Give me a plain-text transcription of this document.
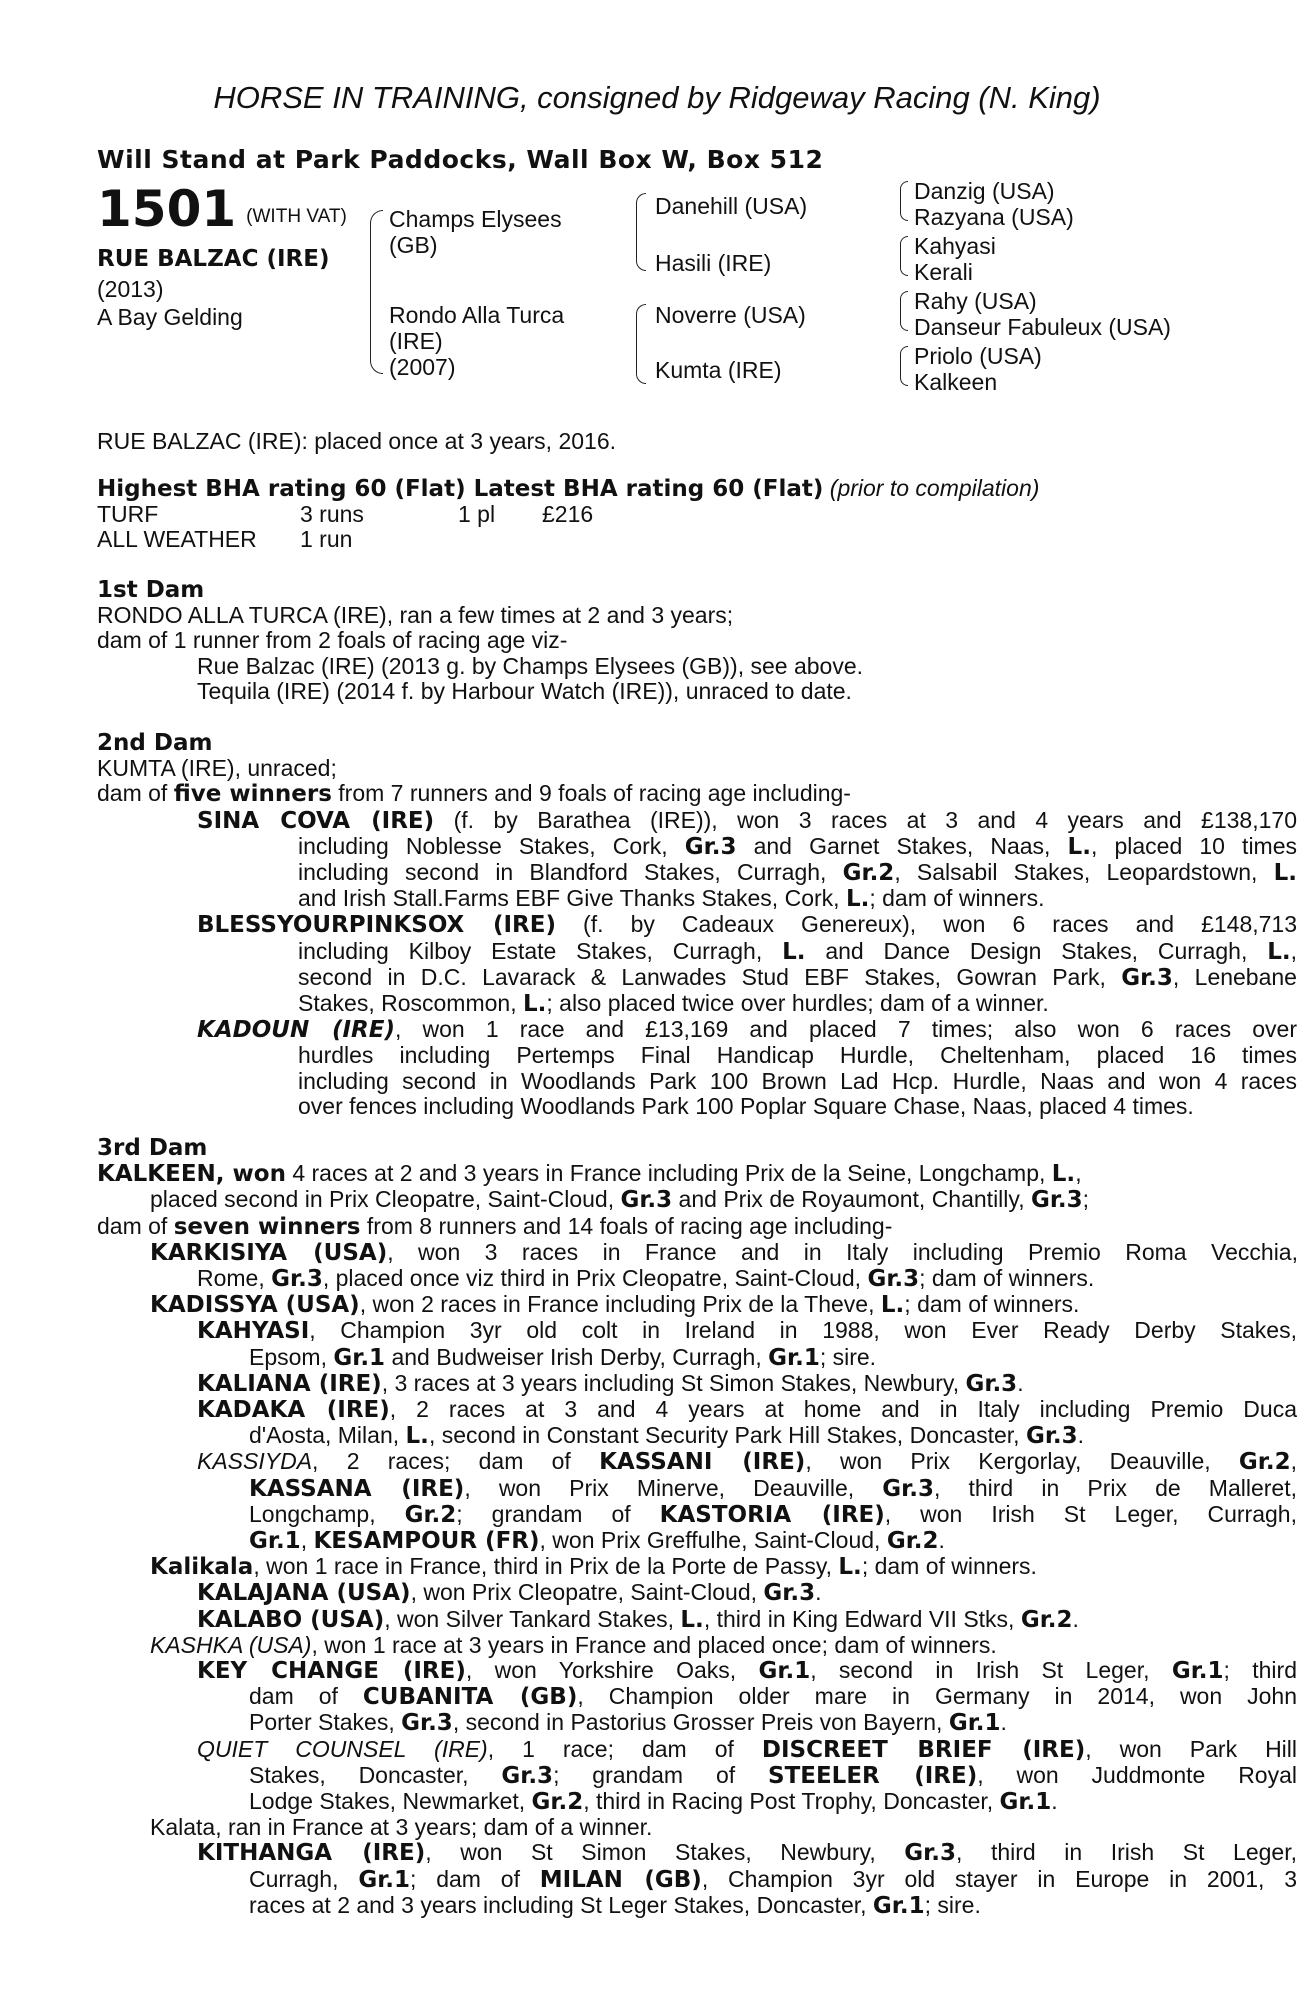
HORSE IN TRAINING, consigned by Ridgeway Racing (N. King)
Will Stand at Park Paddocks, Wall Box W, Box 512
1501 (WITH VAT)
RUE BALZAC (IRE)
(2013)
A Bay Gelding
Champs Elysees
(GB)
Rondo Alla Turca
(IRE)
(2007)
Danehill (USA)
Hasili (IRE)
Noverre (USA)
Kumta (IRE)
Danzig (USA)
Razyana (USA)
Kahyasi
Kerali
Rahy (USA)
Danseur Fabuleux (USA)
Priolo (USA)
Kalkeen
RUE BALZAC (IRE): placed once at 3 years, 2016.
Highest BHA rating 60 (Flat) Latest BHA rating 60 (Flat) (prior to compilation)
TURF	3 runs	1 pl £216
ALL WEATHER 1 run
1st Dam
RONDO ALLA TURCA (IRE), ran a few times at 2 and 3 years;
dam of 1 runner from 2 foals of racing age viz-
Rue Balzac (IRE) (2013 g. by Champs Elysees (GB)), see above.
Tequila (IRE) (2014 f. by Harbour Watch (IRE)), unraced to date.
2nd Dam
KUMTA (IRE), unraced;
dam of five winners from 7 runners and 9 foals of racing age including-
SINA COVA (IRE) (f. by Barathea (IRE)), won 3 races at 3 and 4 years and £138,170
including Noblesse Stakes, Cork, Gr.3 and Garnet Stakes, Naas, L., placed 10 times
including second in Blandford Stakes, Curragh, Gr.2, Salsabil Stakes, Leopardstown, L.
and Irish Stall.Farms EBF Give Thanks Stakes, Cork, L.; dam of winners.
BLESSYOURPINKSOX (IRE) (f. by Cadeaux Genereux), won 6 races and £148,713
including Kilboy Estate Stakes, Curragh, L. and Dance Design Stakes, Curragh, L.,
second in D.C. Lavarack & Lanwades Stud EBF Stakes, Gowran Park, Gr.3, Lenebane
Stakes, Roscommon, L.; also placed twice over hurdles; dam of a winner.
KADOUN (IRE), won 1 race and £13,169 and placed 7 times; also won 6 races over
hurdles including Pertemps Final Handicap Hurdle, Cheltenham, placed 16 times
including second in Woodlands Park 100 Brown Lad Hcp. Hurdle, Naas and won 4 races
over fences including Woodlands Park 100 Poplar Square Chase, Naas, placed 4 times.
3rd Dam
KALKEEN, won 4 races at 2 and 3 years in France including Prix de la Seine, Longchamp, L.,
placed second in Prix Cleopatre, Saint-Cloud, Gr.3 and Prix de Royaumont, Chantilly, Gr.3;
dam of seven winners from 8 runners and 14 foals of racing age including-
KARKISIYA (USA), won 3 races in France and in Italy including Premio Roma Vecchia,
Rome, Gr.3, placed once viz third in Prix Cleopatre, Saint-Cloud, Gr.3; dam of winners.
KADISSYA (USA), won 2 races in France including Prix de la Theve, L.; dam of winners.
KAHYASI, Champion 3yr old colt in Ireland in 1988, won Ever Ready Derby Stakes,
Epsom, Gr.1 and Budweiser Irish Derby, Curragh, Gr.1; sire.
KALIANA (IRE), 3 races at 3 years including St Simon Stakes, Newbury, Gr.3.
KADAKA (IRE), 2 races at 3 and 4 years at home and in Italy including Premio Duca
d'Aosta, Milan, L., second in Constant Security Park Hill Stakes, Doncaster, Gr.3.
KASSIYDA, 2 races; dam of KASSANI (IRE), won Prix Kergorlay, Deauville, Gr.2,
KASSANA (IRE), won Prix Minerve, Deauville, Gr.3, third in Prix de Malleret,
Longchamp, Gr.2; grandam of KASTORIA (IRE), won Irish St Leger, Curragh,
Gr.1, KESAMPOUR (FR), won Prix Greffulhe, Saint-Cloud, Gr.2.
Kalikala, won 1 race in France, third in Prix de la Porte de Passy, L.; dam of winners.
KALAJANA (USA), won Prix Cleopatre, Saint-Cloud, Gr.3.
KALABO (USA), won Silver Tankard Stakes, L., third in King Edward VII Stks, Gr.2.
KASHKA (USA), won 1 race at 3 years in France and placed once; dam of winners.
KEY CHANGE (IRE), won Yorkshire Oaks, Gr.1, second in Irish St Leger, Gr.1; third
dam of CUBANITA (GB), Champion older mare in Germany in 2014, won John
Porter Stakes, Gr.3, second in Pastorius Grosser Preis von Bayern, Gr.1.
QUIET COUNSEL (IRE), 1 race; dam of DISCREET BRIEF (IRE), won Park Hill
Stakes, Doncaster, Gr.3; grandam of STEELER (IRE), won Juddmonte Royal
Lodge Stakes, Newmarket, Gr.2, third in Racing Post Trophy, Doncaster, Gr.1.
Kalata, ran in France at 3 years; dam of a winner.
KITHANGA (IRE), won St Simon Stakes, Newbury, Gr.3, third in Irish St Leger,
Curragh, Gr.1; dam of MILAN (GB), Champion 3yr old stayer in Europe in 2001, 3
races at 2 and 3 years including St Leger Stakes, Doncaster, Gr.1; sire.
